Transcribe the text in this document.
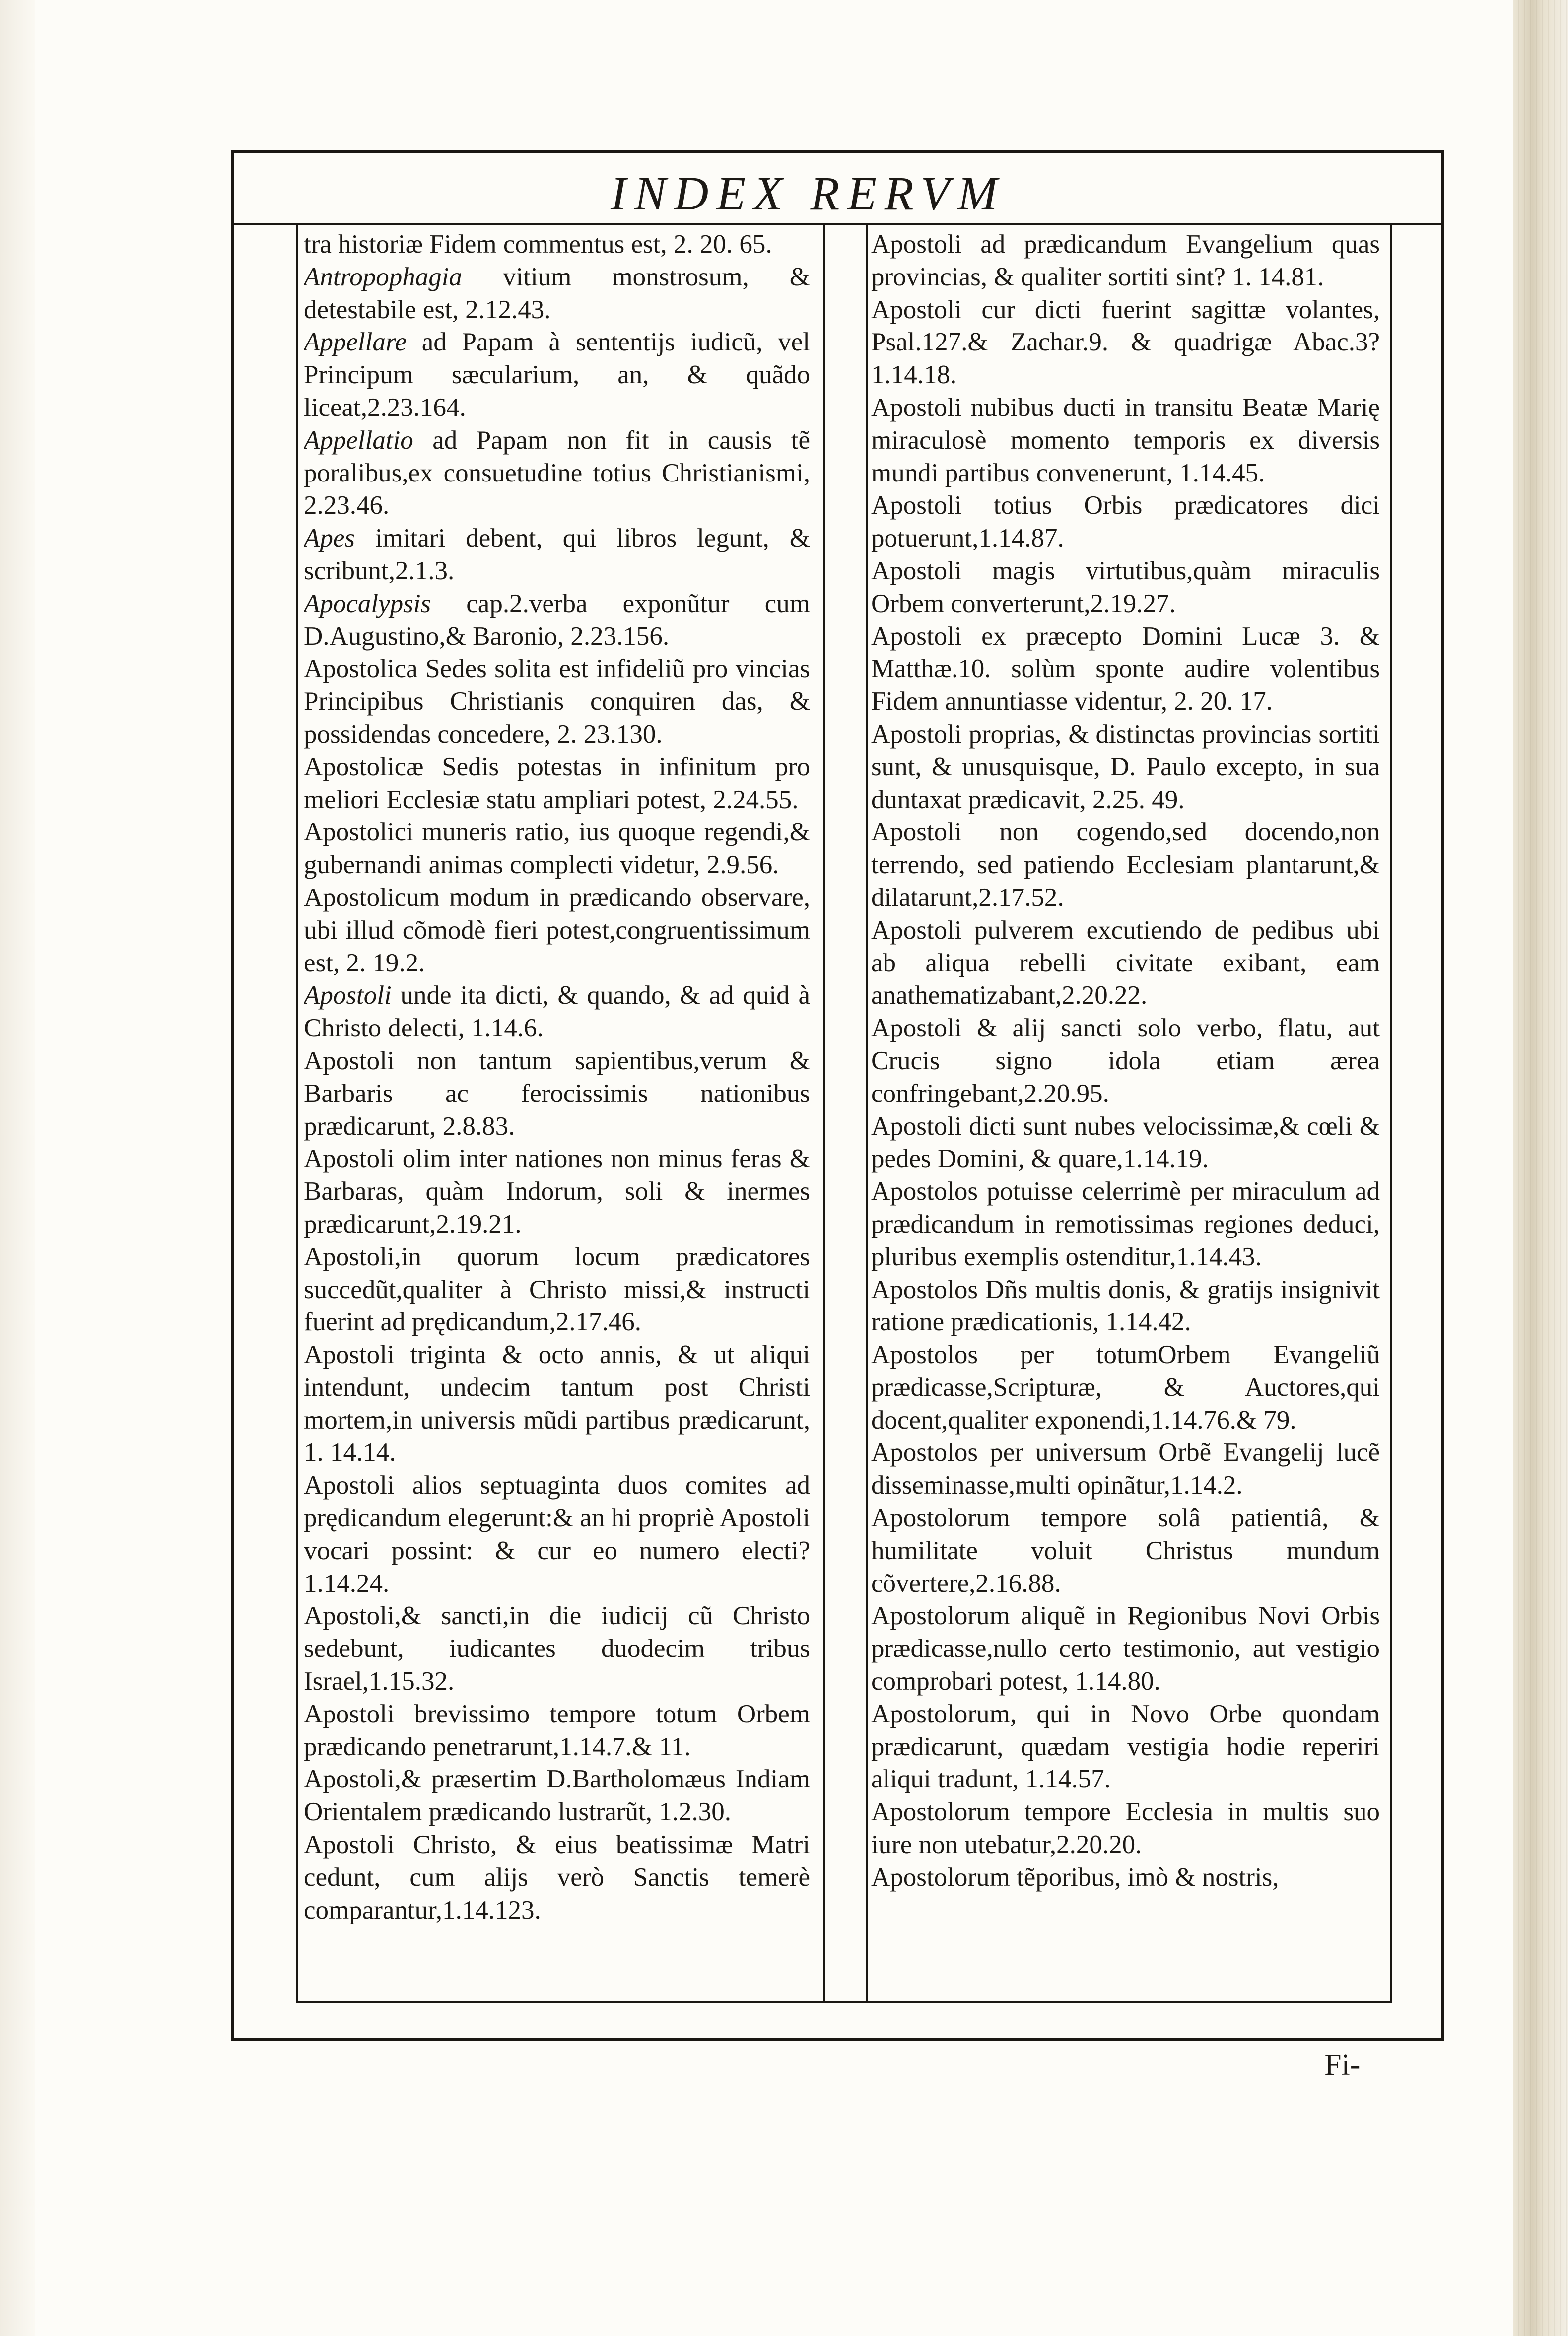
INDEX RERVM

tra historiæ Fidem commentus est, 2. 20. 65.

Antropophagia vitium monstrosum, & detestabile est, 2.12.43.

Appellare ad Papam à sententijs iudicũ, vel Principum sæcularium, an, & quãdo liceat,2.23.164.

Appellatio ad Papam non fit in causis tẽ poralibus,ex consuetudine totius Christianismi, 2.23.46.

Apes imitari debent, qui libros legunt, & scribunt,2.1.3.

Apocalypsis cap.2.verba exponũtur cum D.Augustino,& Baronio, 2.23.156.

Apostolica Sedes solita est infideliũ pro vincias Principibus Christianis conquiren das, & possidendas concedere, 2. 23.130.

Apostolicæ Sedis potestas in infinitum pro meliori Ecclesiæ statu ampliari potest, 2.24.55.

Apostolici muneris ratio, ius quoque regendi,& gubernandi animas complecti videtur, 2.9.56.

Apostolicum modum in prædicando observare, ubi illud cõmodè fieri potest,congruentissimum est, 2. 19.2.

Apostoli unde ita dicti, & quando, & ad quid à Christo delecti, 1.14.6.

Apostoli non tantum sapientibus,verum & Barbaris ac ferocissimis nationibus prædicarunt, 2.8.83.

Apostoli olim inter nationes non minus feras & Barbaras, quàm Indorum, soli & inermes prædicarunt,2.19.21.

Apostoli,in quorum locum prædicatores succedũt,qualiter à Christo missi,& instructi fuerint ad prędicandum,2.17.46.

Apostoli triginta & octo annis, & ut aliqui intendunt, undecim tantum post Christi mortem,in universis mũdi partibus prædicarunt, 1. 14.14.

Apostoli alios septuaginta duos comites ad prędicandum elegerunt:& an hi propriè Apostoli vocari possint: & cur eo numero electi? 1.14.24.

Apostoli,& sancti,in die iudicij cũ Christo sedebunt, iudicantes duodecim tribus Israel,1.15.32.

Apostoli brevissimo tempore totum Orbem prædicando penetrarunt,1.14.7.& 11.

Apostoli,& præsertim D.Bartholomæus Indiam Orientalem prædicando lustrarũt, 1.2.30.

Apostoli Christo, & eius beatissimæ Matri cedunt, cum alijs verò Sanctis temerè comparantur,1.14.123.

Apostoli ad prædicandum Evangelium quas provincias, & qualiter sortiti sint? 1. 14.81.

Apostoli cur dicti fuerint sagittæ volantes, Psal.127.& Zachar.9. & quadrigæ Abac.3? 1.14.18.

Apostoli nubibus ducti in transitu Beatæ Marię miraculosè momento temporis ex diversis mundi partibus convenerunt, 1.14.45.

Apostoli totius Orbis prædicatores dici potuerunt,1.14.87.

Apostoli magis virtutibus,quàm miraculis Orbem converterunt,2.19.27.

Apostoli ex præcepto Domini Lucæ 3. & Matthæ.10. solùm sponte audire volentibus Fidem annuntiasse videntur, 2. 20. 17.

Apostoli proprias, & distinctas provincias sortiti sunt, & unusquisque, D. Paulo excepto, in sua duntaxat prædicavit, 2.25. 49.

Apostoli non cogendo,sed docendo,non terrendo, sed patiendo Ecclesiam plantarunt,& dilatarunt,2.17.52.

Apostoli pulverem excutiendo de pedibus ubi ab aliqua rebelli civitate exibant, eam anathematizabant,2.20.22.

Apostoli & alij sancti solo verbo, flatu, aut Crucis signo idola etiam ærea confringebant,2.20.95.

Apostoli dicti sunt nubes velocissimæ,& cœli & pedes Domini, & quare,1.14.19.

Apostolos potuisse celerrimè per miraculum ad prædicandum in remotissimas regiones deduci, pluribus exemplis ostenditur,1.14.43.

Apostolos Dñs multis donis, & gratijs insignivit ratione prædicationis, 1.14.42.

Apostolos per totumOrbem Evangeliũ prædicasse,Scripturæ, & Auctores,qui docent,qualiter exponendi,1.14.76.& 79.

Apostolos per universum Orbẽ Evangelij lucẽ disseminasse,multi opinãtur,1.14.2.

Apostolorum tempore solâ patientiâ, & humilitate voluit Christus mundum cõvertere,2.16.88.

Apostolorum aliquẽ in Regionibus Novi Orbis prædicasse,nullo certo testimonio, aut vestigio comprobari potest, 1.14.80.

Apostolorum, qui in Novo Orbe quondam prædicarunt, quædam vestigia hodie reperiri aliqui tradunt, 1.14.57.

Apostolorum tempore Ecclesia in multis suo iure non utebatur,2.20.20.

Apostolorum tẽporibus, imò & nostris,

Fi-
